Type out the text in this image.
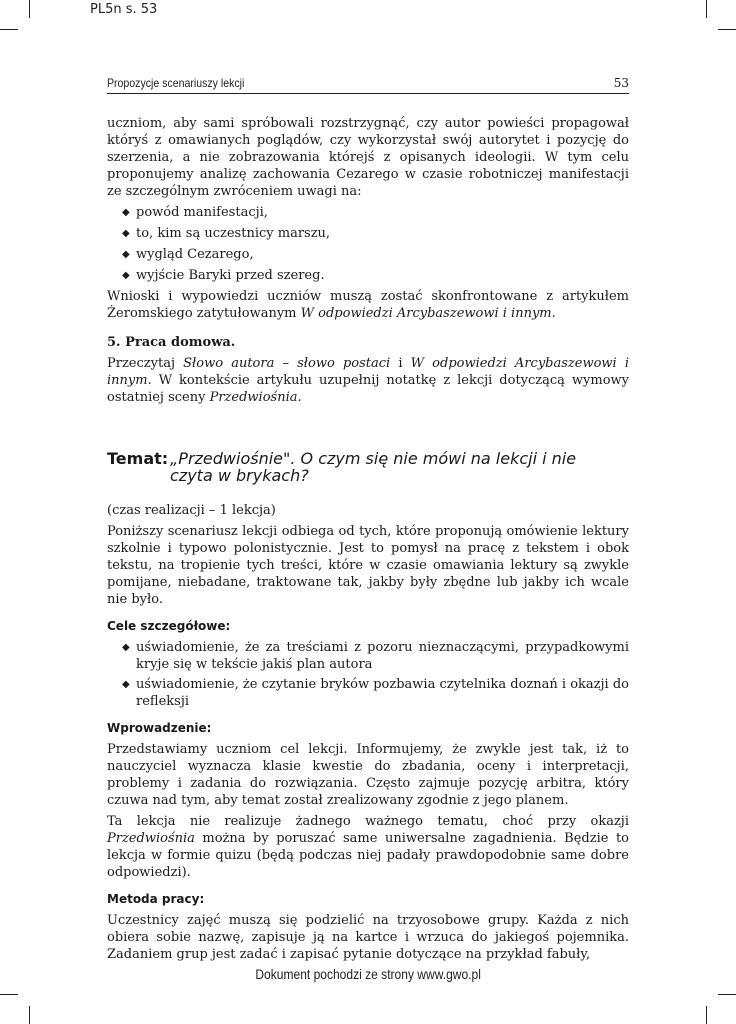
PL5n s. 53
Propozycje scenariuszy lekcji	53

uczniom, aby sami spróbowali rozstrzygnąć, czy autor powieści propagował któryś z omawianych poglądów, czy wykorzystał swój autorytet i pozycję do szerzenia, a nie zobrazowania którejś z opisanych ideologii. W tym celu proponujemy analizę zachowania Cezarego w czasie robotniczej manifestacji ze szczególnym zwróceniem uwagi na:

◆ powód manifestacji,
◆ to, kim są uczestnicy marszu,
◆ wygląd Cezarego,
◆ wyjście Baryki przed szereg.

Wnioski i wypowiedzi uczniów muszą zostać skonfrontowane z artykułem Żeromskiego zatytułowanym W odpowiedzi Arcybaszewowi i innym.

5. Praca domowa.

Przeczytaj Słowo autora – słowo postaci i W odpowiedzi Arcybaszewowi i innym. W kontekście artykułu uzupełnij notatkę z lekcji dotyczącą wymowy ostatniej sceny Przedwiośnia.

Temat: „Przedwiośnie". O czym się nie mówi na lekcji i nie czyta w brykach?

(czas realizacji – 1 lekcja)

Poniższy scenariusz lekcji odbiega od tych, które proponują omówienie lektury szkolnie i typowo polonistycznie. Jest to pomysł na pracę z tekstem i obok tekstu, na tropienie tych treści, które w czasie omawiania lektury są zwykle pomijane, niebadane, traktowane tak, jakby były zbędne lub jakby ich wcale nie było.

Cele szczegółowe:
◆ uświadomienie, że za treściami z pozoru nieznaczącymi, przypadkowymi kryje się w tekście jakiś plan autora
◆ uświadomienie, że czytanie bryków pozbawia czytelnika doznań i okazji do refleksji
Wprowadzenie:

Przedstawiamy uczniom cel lekcji. Informujemy, że zwykle jest tak, iż to nauczyciel wyznacza klasie kwestie do zbadania, oceny i interpretacji, problemy i zadania do rozwiązania. Często zajmuje pozycję arbitra, który czuwa nad tym, aby temat został zrealizowany zgodnie z jego planem.

Ta lekcja nie realizuje żadnego ważnego tematu, choć przy okazji Przedwiośnia można by poruszać same uniwersalne zagadnienia. Będzie to lekcja w formie quizu (będą podczas niej padały prawdopodobnie same dobre odpowiedzi).

Metoda pracy:

Uczestnicy zajęć muszą się podzielić na trzyosobowe grupy. Każda z nich obiera sobie nazwę, zapisuje ją na kartce i wrzuca do jakiegoś pojemnika. Zadaniem grup jest zadać i zapisać pytanie dotyczące na przykład fabuły,

Dokument pochodzi ze strony www.gwo.pl
